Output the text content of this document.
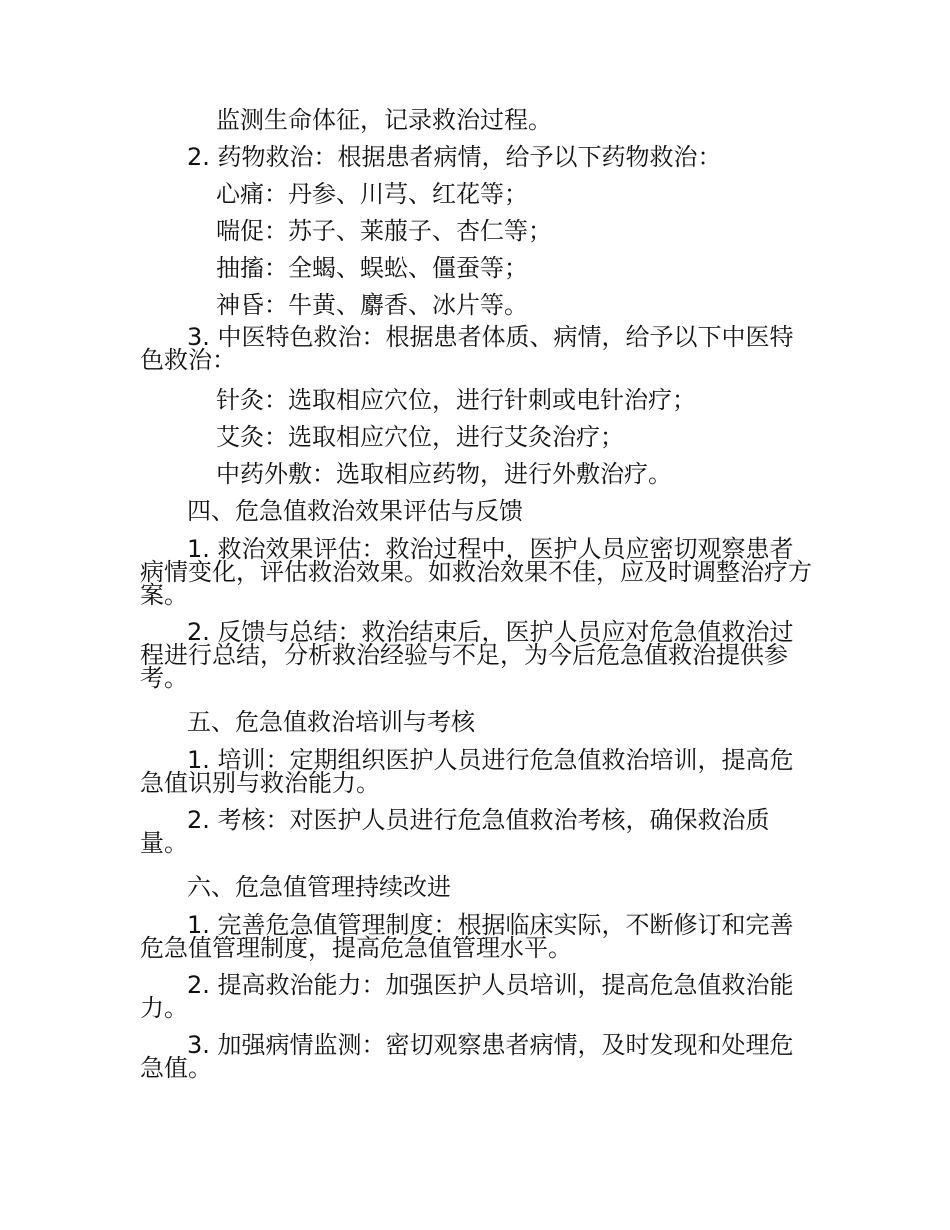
监测生命体征，记录救治过程。
2. 药物救治：根据患者病情，给予以下药物救治：
心痛：丹参、川芎、红花等；
喘促：苏子、莱菔子、杏仁等；
抽搐：全蝎、蜈蚣、僵蚕等；
神昏：牛黄、麝香、冰片等。
3. 中医特色救治：根据患者体质、病情，给予以下中医特色救治：
针灸：选取相应穴位，进行针刺或电针治疗；
艾灸：选取相应穴位，进行艾灸治疗；
中药外敷：选取相应药物，进行外敷治疗。
四、危急值救治效果评估与反馈
1. 救治效果评估：救治过程中，医护人员应密切观察患者病情变化，评估救治效果。如救治效果不佳，应及时调整治疗方案。
2. 反馈与总结：救治结束后，医护人员应对危急值救治过程进行总结，分析救治经验与不足，为今后危急值救治提供参考。
五、危急值救治培训与考核
1. 培训：定期组织医护人员进行危急值救治培训，提高危急值识别与救治能力。
2. 考核：对医护人员进行危急值救治考核，确保救治质量。
六、危急值管理持续改进
1. 完善危急值管理制度：根据临床实际，不断修订和完善危急值管理制度，提高危急值管理水平。
2. 提高救治能力：加强医护人员培训，提高危急值救治能力。
3. 加强病情监测：密切观察患者病情，及时发现和处理危急值。
